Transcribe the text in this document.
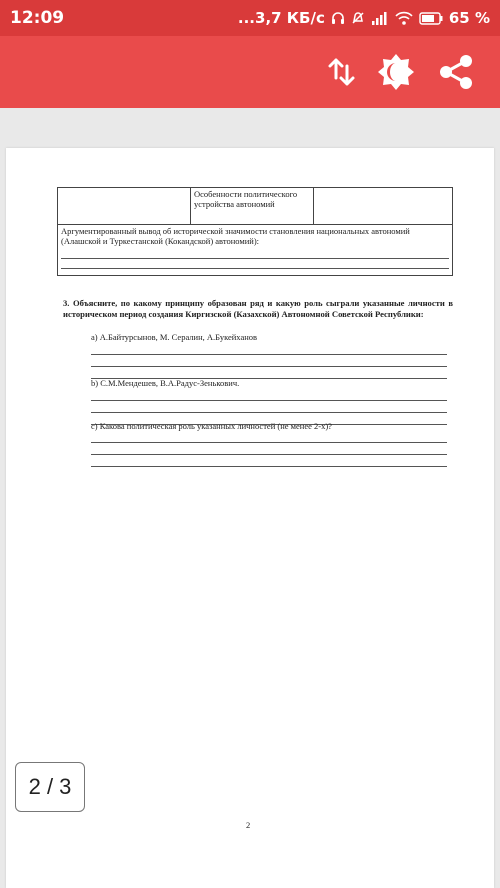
12:09	...3,7 КБ/с	65 %
	Особенности политического устройства автономий	

Аргументированный вывод об исторической значимости становления национальных автономий (Алашской и Туркестанской (Кокандской) автономий):
3. Объясните, по какому принципу образован ряд и какую роль сыграли указанные личности в историческом период создания Киргизской (Казахской) Автономной Советской Республики:
а) А.Байтурсынов, М. Сералин, А.Букейханов
b) С.М.Мендешев, В.А.Радус-Зенькович.
c) Какова политическая роль указанных личностей (не менее 2-х)?
2
2 / 3
